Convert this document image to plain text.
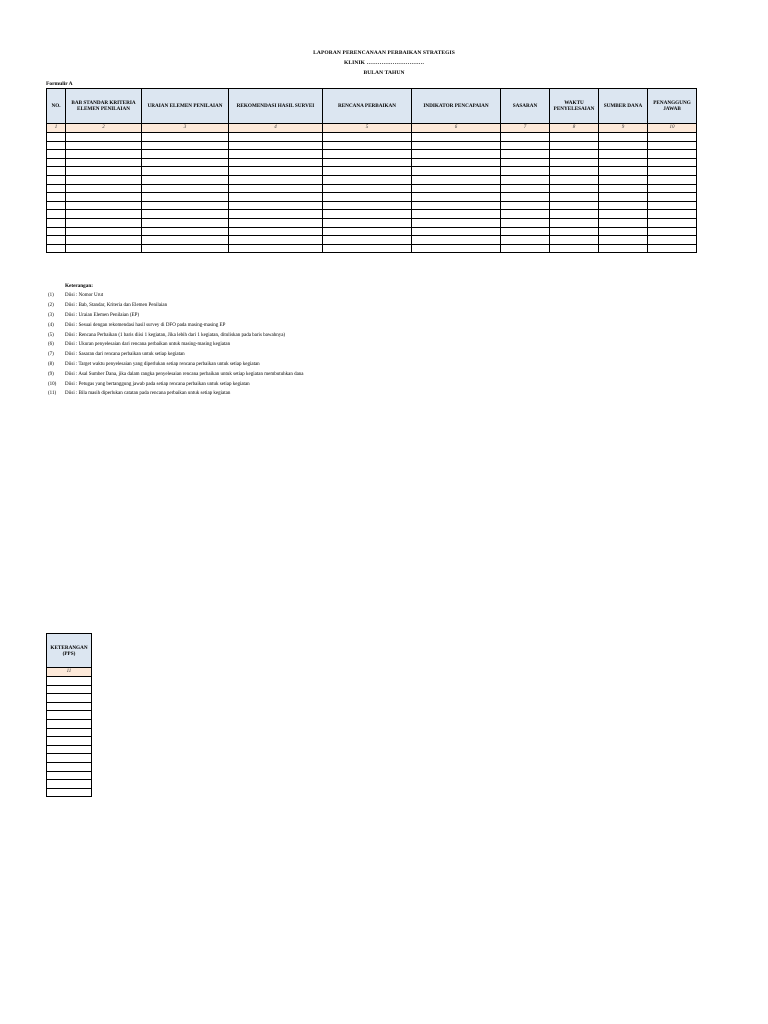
LAPORAN PERENCANAAN PERBAIKAN STRATEGIS
KLINIK ………………………….
BULAN TAHUN
Formulir A
NO.	BAB STANDAR KRITERIA ELEMEN PENILAIAN	URAIAN ELEMEN PENILAIAN	REKOMENDASI HASIL SURVEI	RENCANA PERBAIKAN	INDIKATOR PENCAPAIAN	SASARAN	WAKTU PENYELESAIAN	SUMBER DANA	PENANGGUNG JAWAB
1	2	3	4	5	6	7	8	9	10

Keterangan:
(1)	Diisi : Nomor Urut
(2)	Diisi : Bab, Standar, Kriteria dan Elemen Penilaian
(3)	Diisi : Uraian Elemen Penilaian (EP)
(4)	Diisi : Sesuai dengan rekomendasi hasil survey di DFO pada masing-masing EP
(5)	Diisi : Rencana Perbaikan (1 baris diisi 1 kegiatan, Jika lebih dari 1 kegiatan, dituliskan pada baris bawahnya)
(6)	Diisi : Ukuran penyelesaian dari rencana perbaikan untuk masing-masing kegiatan
(7)	Diisi : Sasaran dari rencana perbaikan untuk setiap kegiatan
(8)	Diisi : Target waktu penyelesaian yang diperlukan setiap rencana perbaikan untuk setiap kegiatan
(9)	Diisi : Asal Sumber Dana, jika dalam rangka penyelesaian rencana perbaikan untuk setiap kegiatan membutuhkan dana
(10)	Diisi : Petugas yang bertanggung jawab pada setiap rencana perbaikan untuk setiap kegiatan
(11)	Diisi : Bila masih diperlukan catatan pada rencana perbaikan untuk setiap kegiatan
KETERANGAN (PPS)
11
